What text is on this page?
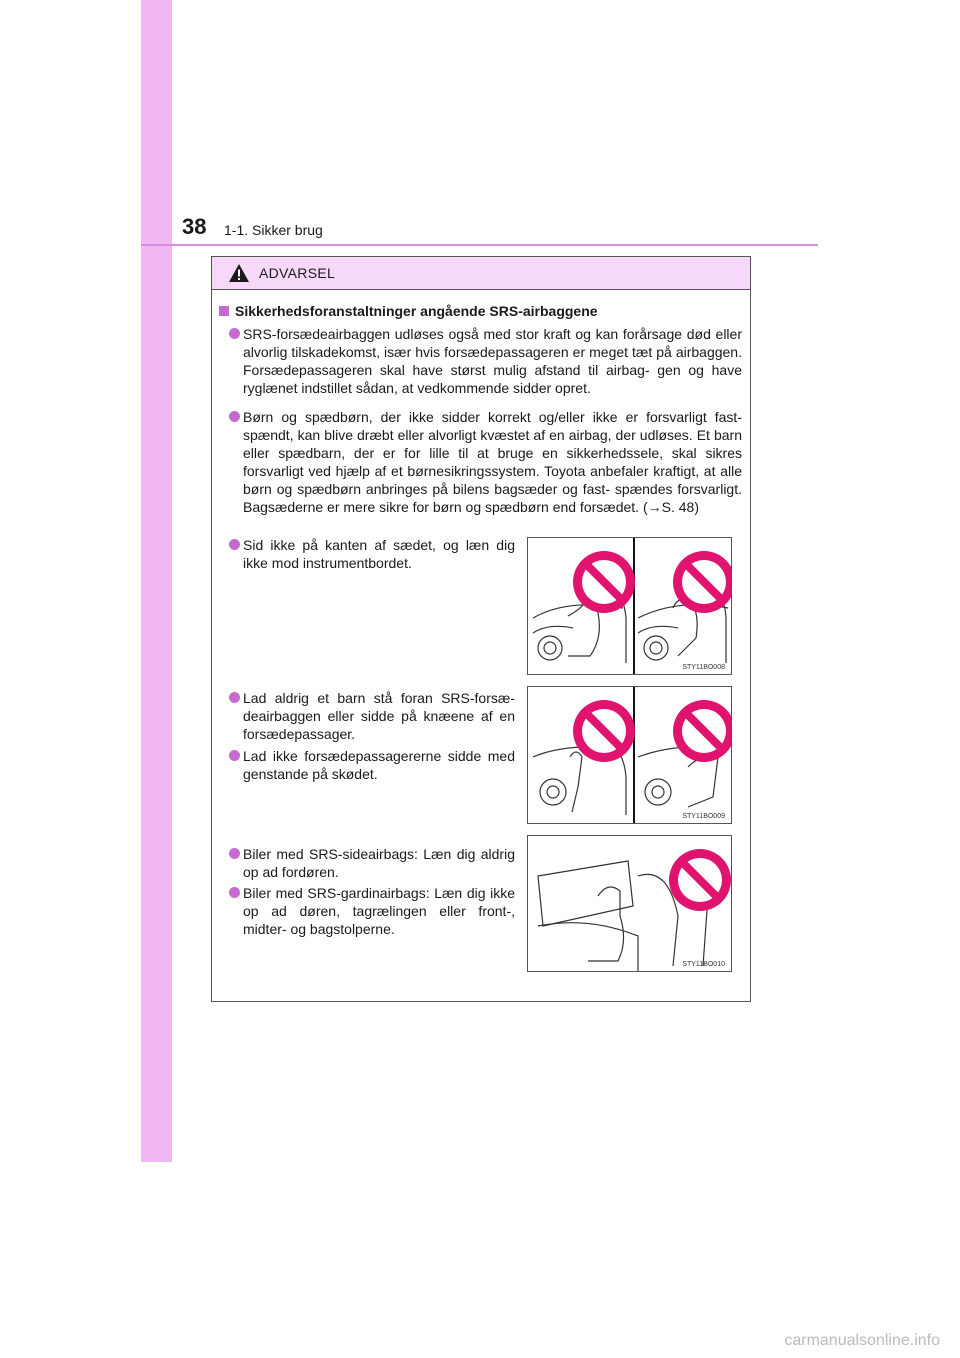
38 1-1. Sikker brug
ADVARSEL
Sikkerhedsforanstaltninger angående SRS-airbaggene
SRS-forsædeairbaggen udløses også med stor kraft og kan forårsage død eller alvorlig tilskadekomst, især hvis forsædepassageren er meget tæt på airbaggen. Forsædepassageren skal have størst mulig afstand til airbag- gen og have ryglænet indstillet sådan, at vedkommende sidder opret.
Børn og spædbørn, der ikke sidder korrekt og/eller ikke er forsvarligt fast- spændt, kan blive dræbt eller alvorligt kvæstet af en airbag, der udløses. Et barn eller spædbarn, der er for lille til at bruge en sikkerhedssele, skal sikres forsvarligt ved hjælp af et børnesikringssystem. Toyota anbefaler kraftigt, at alle børn og spædbørn anbringes på bilens bagsæder og fast- spændes forsvarligt. Bagsæderne er mere sikre for børn og spædbørn end forsædet. (→S. 48)
Sid ikke på kanten af sædet, og læn dig ikke mod instrumentbordet.
Lad aldrig et barn stå foran SRS-forsæ- deairbaggen eller sidde på knæene af en forsædepassager.
Lad ikke forsædepassagererne sidde med genstande på skødet.
Biler med SRS-sideairbags: Læn dig aldrig op ad fordøren.
Biler med SRS-gardinairbags: Læn dig ikke op ad døren, tagrælingen eller front-, midter- og bagstolperne.
STY11BO008
STY11BO009
STY11BO010
carmanualsonline.info
